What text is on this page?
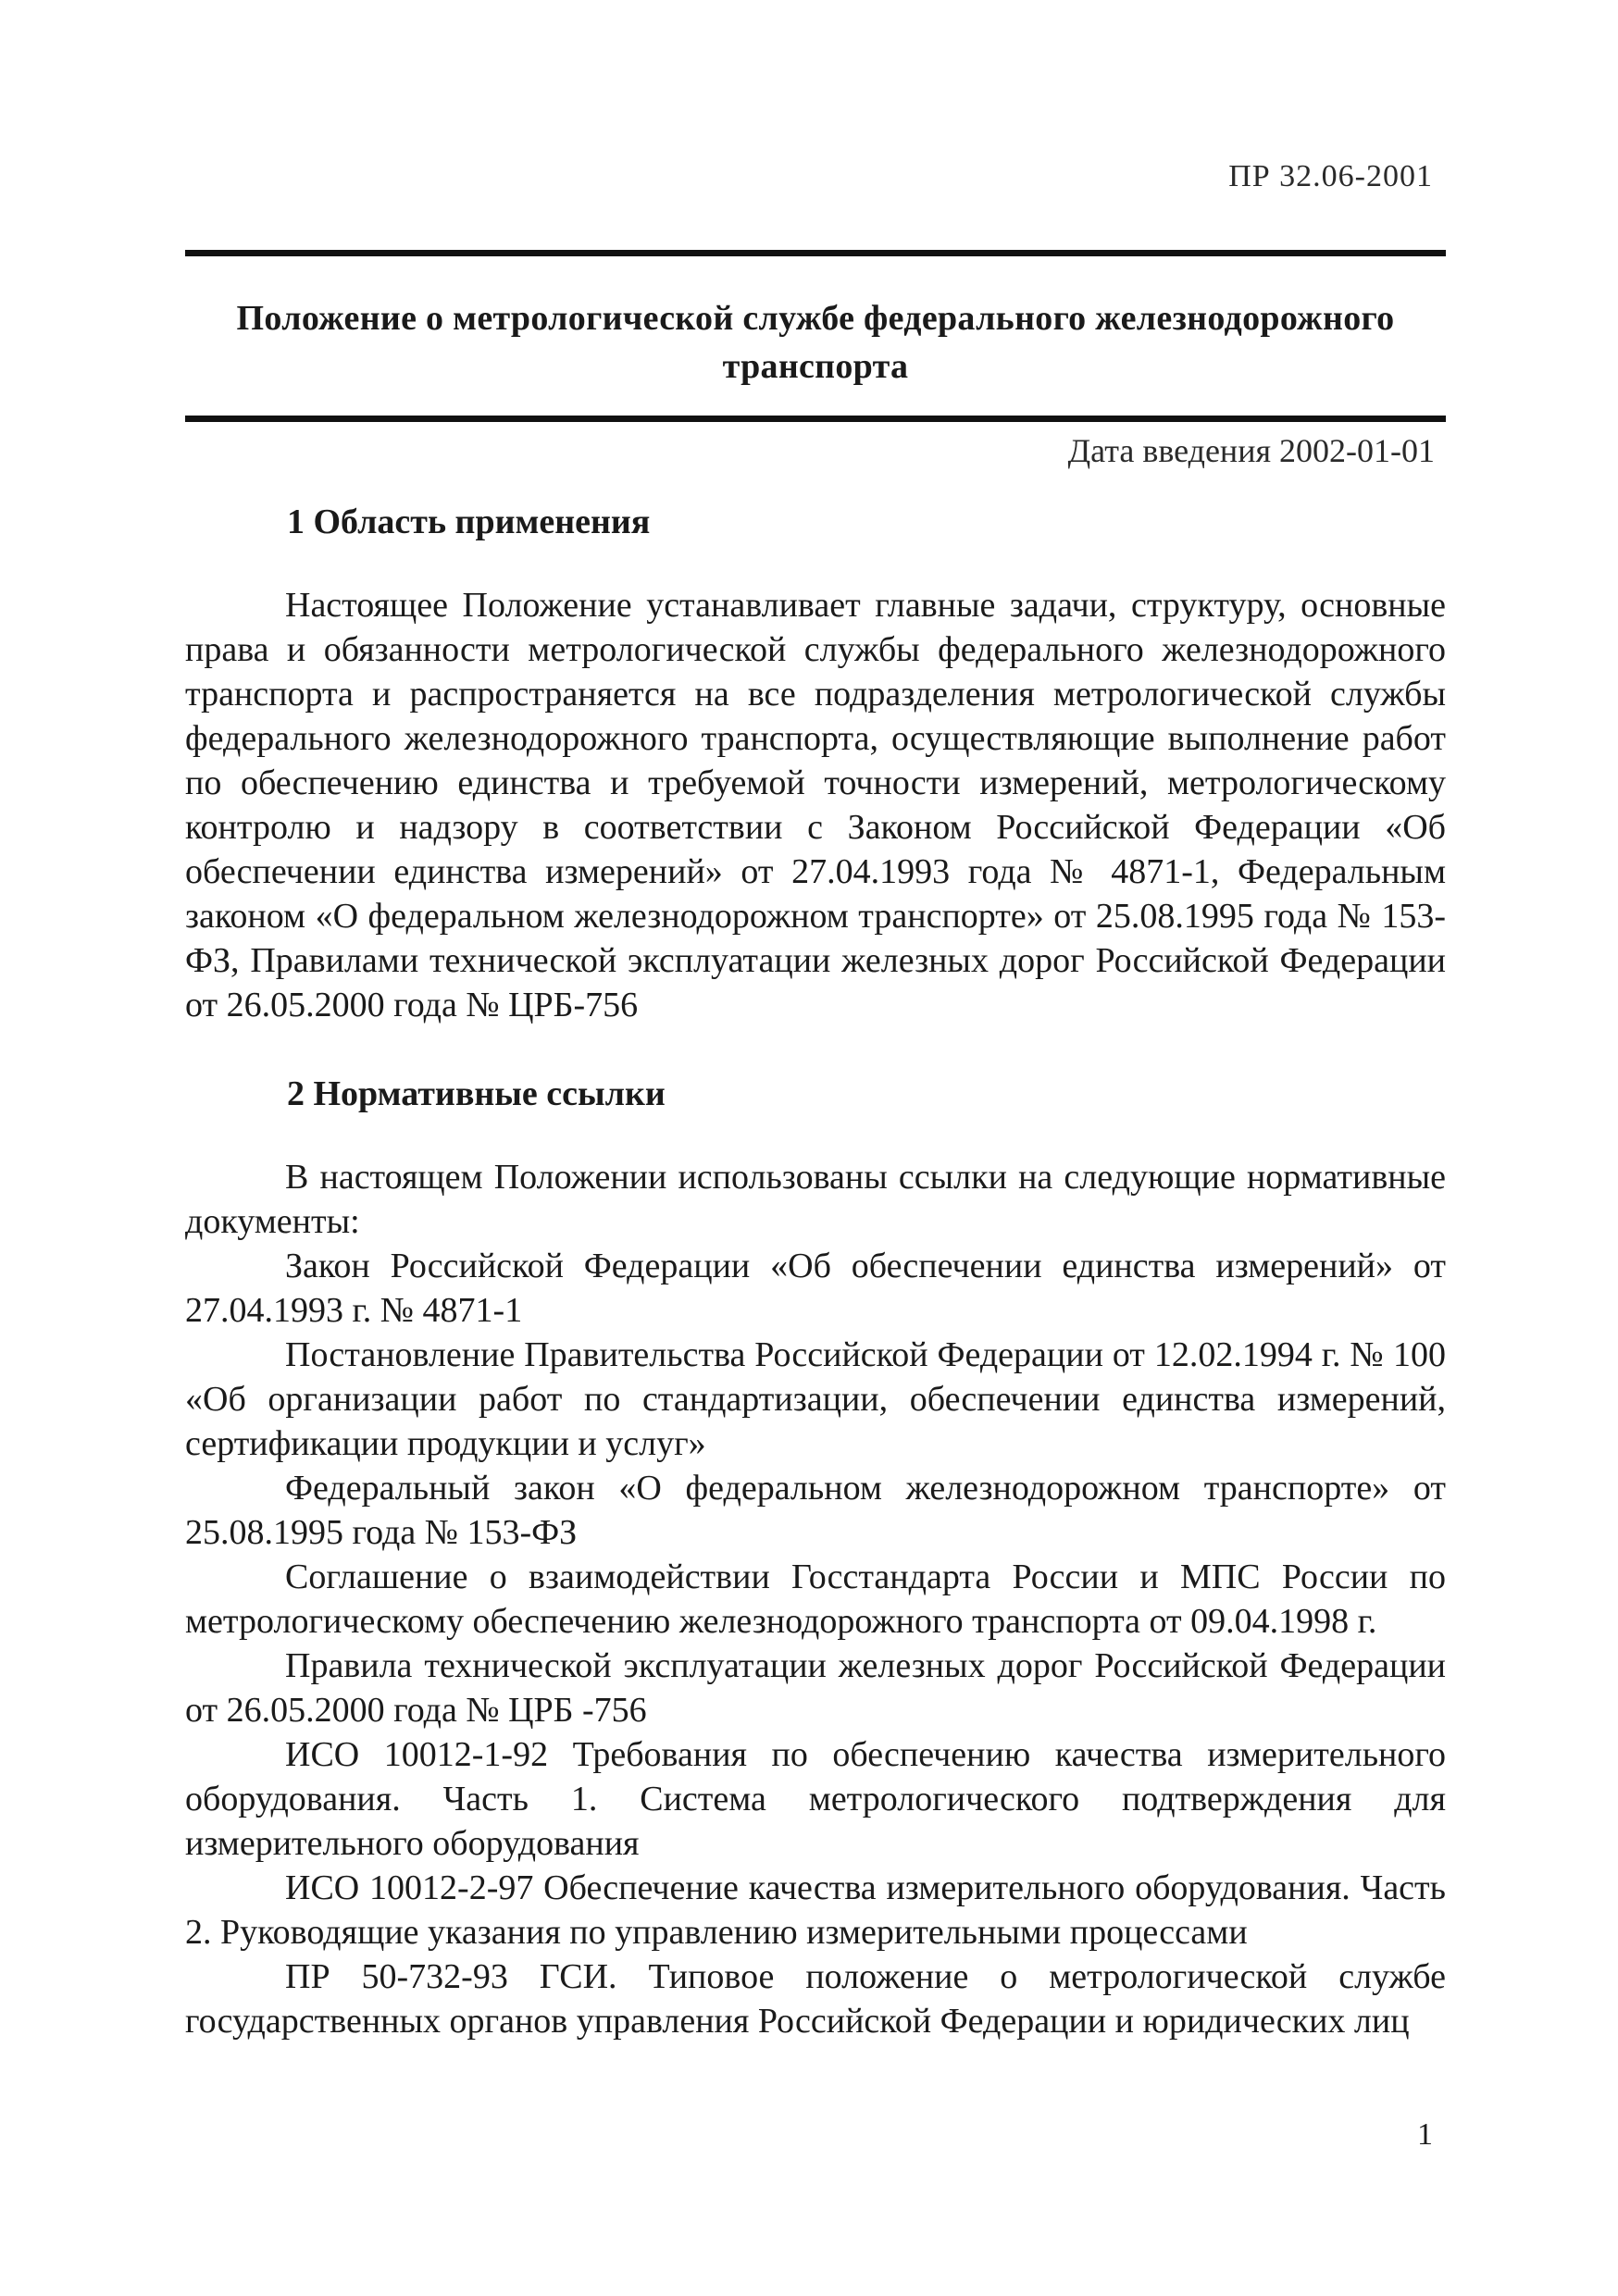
ПР 32.06-2001
Положение о метрологической службе федерального железнодорожного транспорта
Дата введения 2002-01-01
1 Область применения

Настоящее Положение устанавливает главные задачи, структуру, основные права и обязанности метрологической службы федерального железнодорожного транспорта и распространяется на все подразделения метрологической службы федерального железнодорожного транспорта, осуществляющие выполнение работ по обеспечению единства и требуемой точности измерений, метрологическому контролю и надзору в соответствии с Законом Российской Федерации «Об обеспечении единства измерений» от 27.04.1993 года № 4871-1, Федеральным законом «О федеральном железнодорожном транспорте» от 25.08.1995 года № 153-ФЗ, Правилами технической эксплуатации железных дорог Российской Федерации от 26.05.2000 года № ЦРБ-756

2 Нормативные ссылки

В настоящем Положении использованы ссылки на следующие нормативные документы:

Закон Российской Федерации «Об обеспечении единства измерений» от 27.04.1993 г. № 4871-1
Постановление Правительства Российской Федерации от 12.02.1994 г. № 100 «Об организации работ по стандартизации, обеспечении единства измерений, сертификации продукции и услуг»
Федеральный закон «О федеральном железнодорожном транспорте» от 25.08.1995 года № 153-ФЗ
Соглашение о взаимодействии Госстандарта России и МПС России по метрологическому обеспечению железнодорожного транспорта от 09.04.1998 г.
Правила технической эксплуатации железных дорог Российской Федерации от 26.05.2000 года № ЦРБ -756
ИСО 10012-1-92 Требования по обеспечению качества измерительного оборудования. Часть 1. Система метрологического подтверждения для измерительного оборудования
ИСО 10012-2-97 Обеспечение качества измерительного оборудования. Часть 2. Руководящие указания по управлению измерительными процессами
ПР 50-732-93 ГСИ. Типовое положение о метрологической службе государственных органов управления Российской Федерации и юридических лиц
1
